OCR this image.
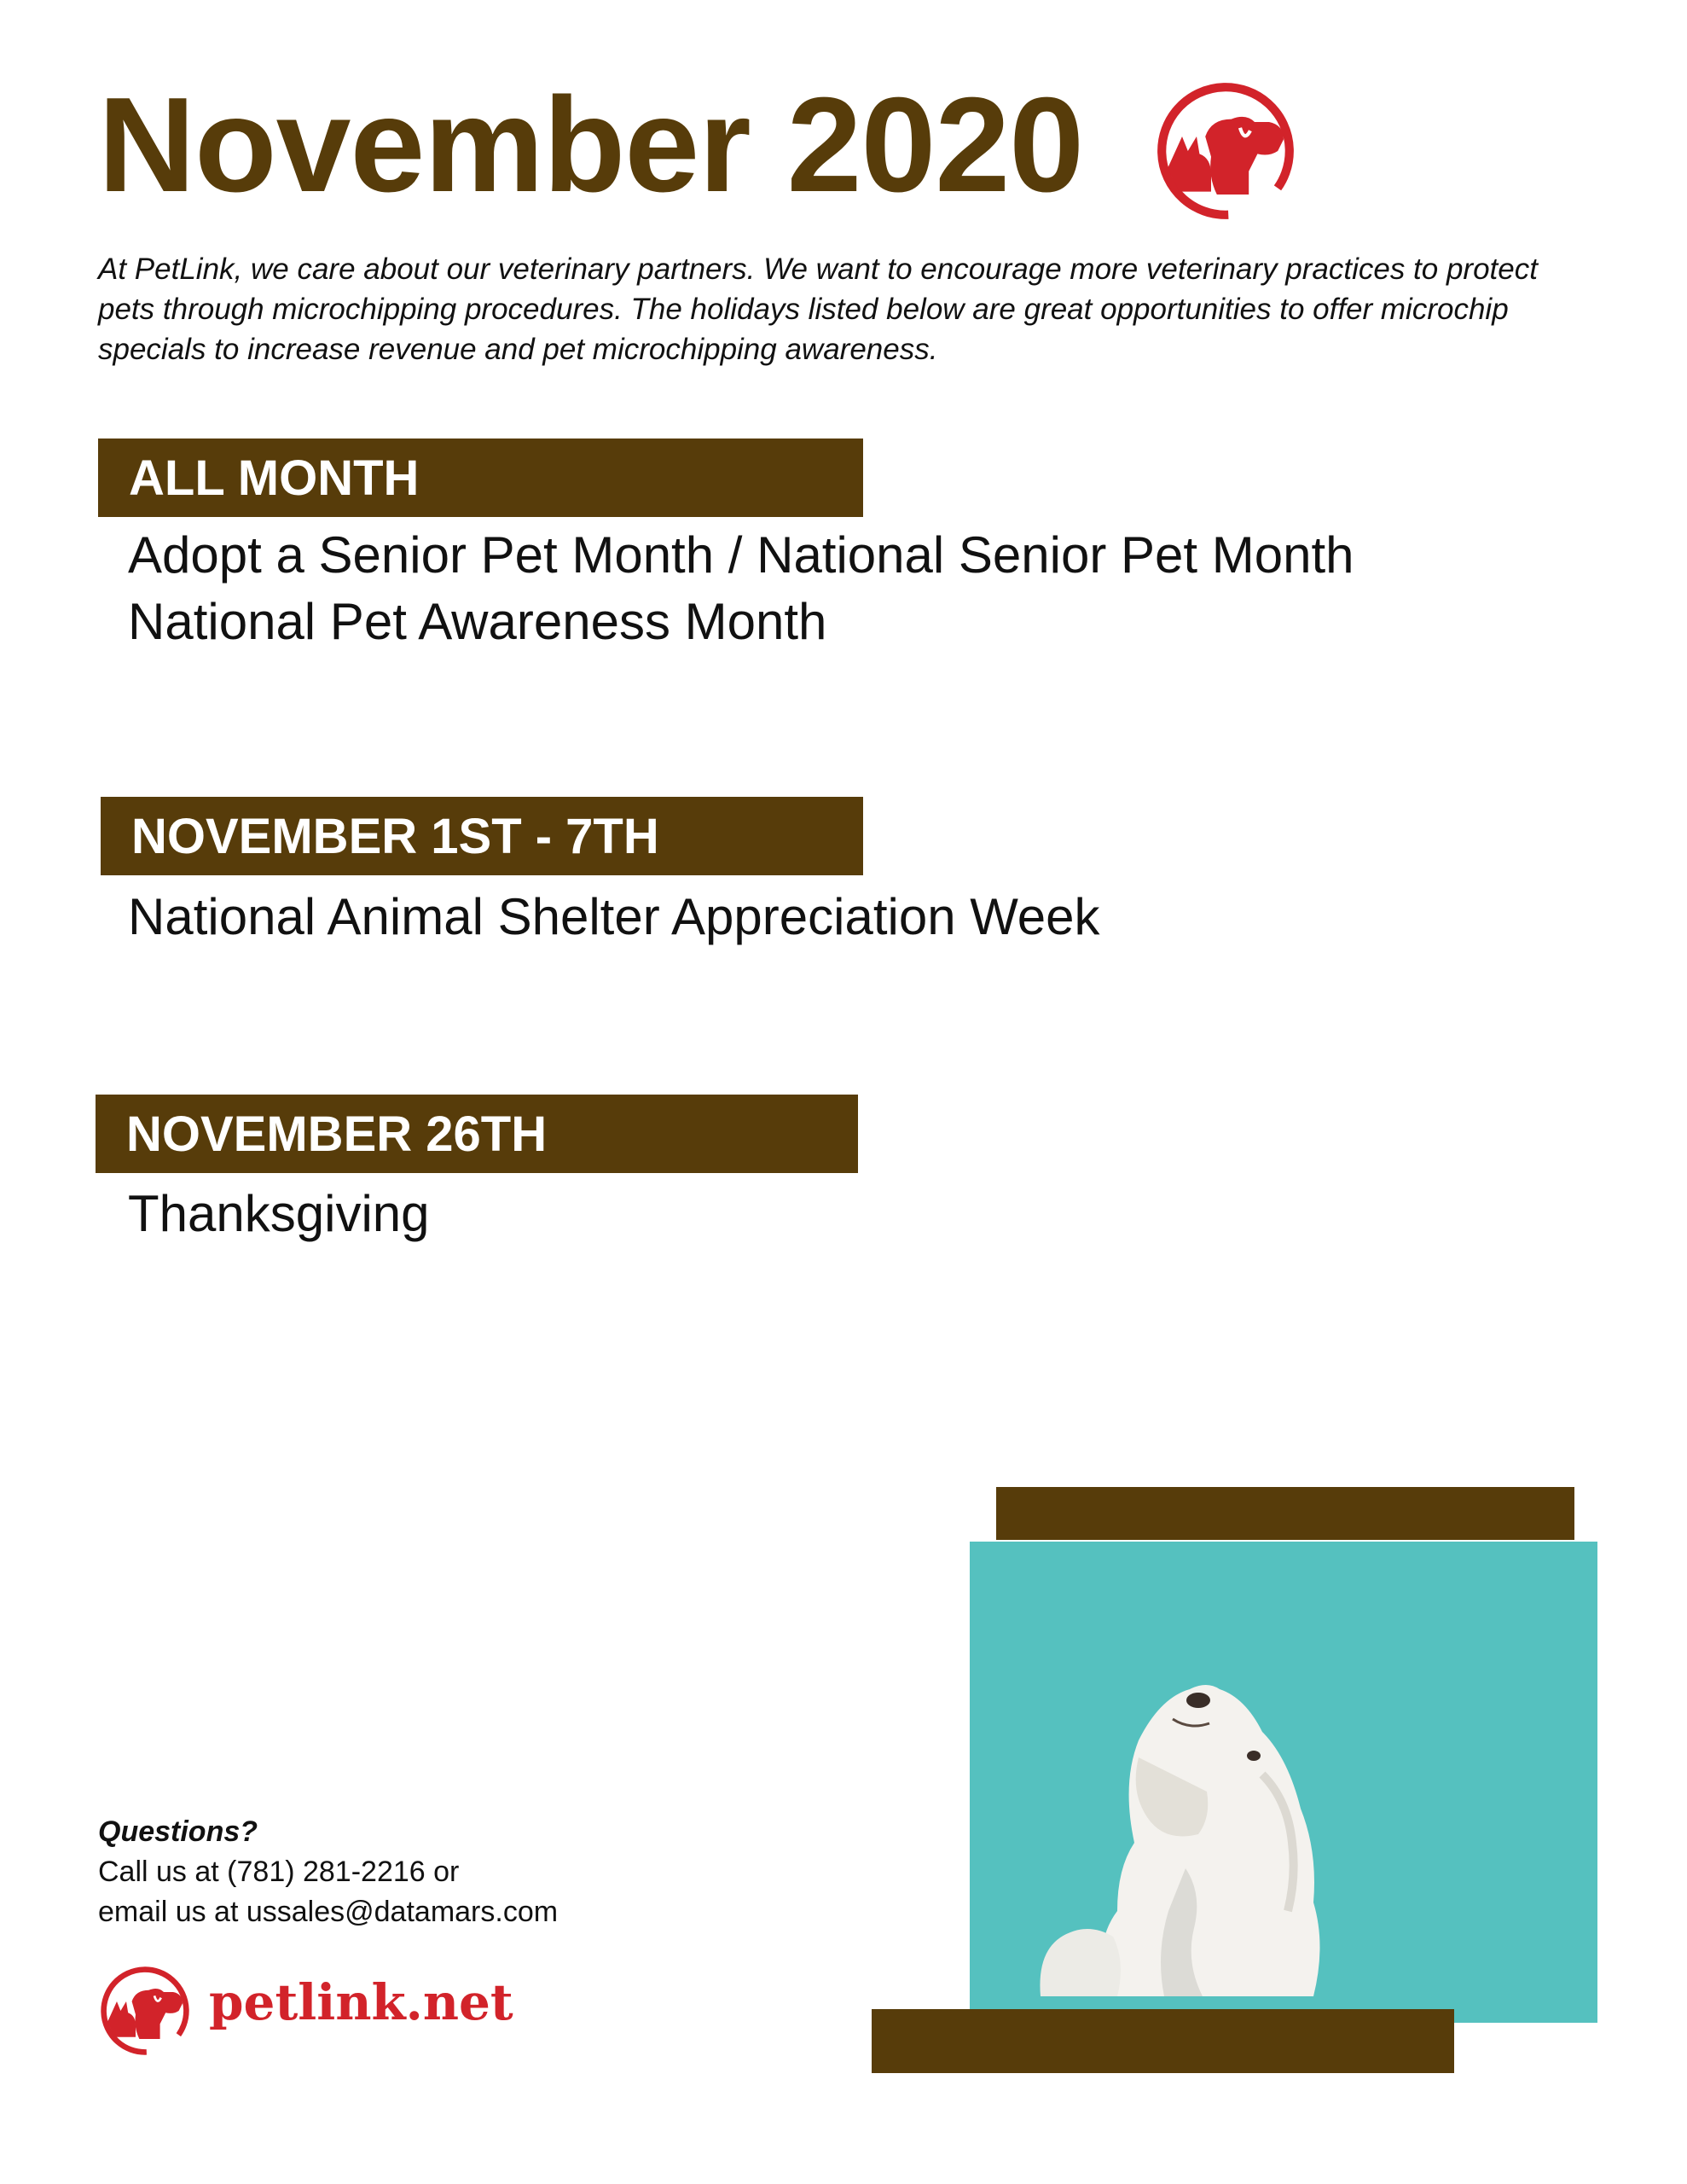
November 2020

At PetLink, we care about our veterinary partners. We want to encourage more veterinary practices to protect pets through microchipping procedures. The holidays listed below are great opportunities to offer microchip specials to increase revenue and pet microchipping awareness.

ALL MONTH
Adopt a Senior Pet Month / National Senior Pet Month
National Pet Awareness Month
NOVEMBER 1ST - 7TH
National Animal Shelter Appreciation Week
NOVEMBER 26TH
Thanksgiving
Questions?
Call us at (781) 281-2216 or
email us at ussales@datamars.com
petlink.net
